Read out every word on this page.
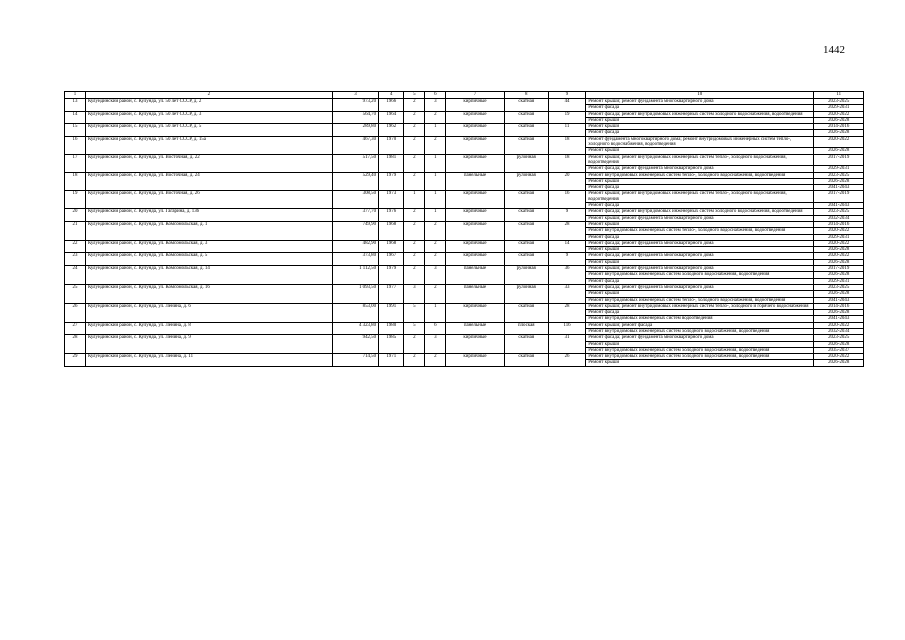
1442
1	2	3	4	5	6	7	8	9	10	11
13	Кулундинский район, с. Кулунда, ул. 50 лет СССР, д. 2	973,20	1966	2	3	кирпичные	скатная	44	Ремонт крыши; ремонт фундамента многоквартирного дома	2023-2025
									Ремонт фасада	2029-2031
14	Кулундинский район, с. Кулунда, ул. 50 лет СССР, д. 3	564,70	1964	2	2	кирпичные	скатная	19	Ремонт фасада; ремонт внутридомовых инженерных систем холодного водоснабжения, водоотведения	2020-2022
									Ремонт крыши	2026-2028
15	Кулундинский район, с. Кулунда, ул. 50 лет СССР, д. 5	289,80	1962	2	1	кирпичные	скатная	11	Ремонт крыши	2014-2016
									Ремонт фасада	2026-2028
16	Кулундинский район, с. Кулунда, ул. 50 лет СССР, д. 15а	467,30	1970	2	2	кирпичные	скатная	18	Ремонт фундамента многоквартирного дома; ремонт внутридомовых инженерных систем тепло-, холодного водоснабжения, водоотведения	2020-2022
									Ремонт крыши	2026-2028
17	Кулундинский район, с. Кулунда, ул. Восточная, д. 22	517,50	1981	2	1	кирпичные	рулонная	18	Ремонт крыши; ремонт внутридомовых инженерных систем тепло-, холодного водоснабжения, водоотведения	2017-2019
									Ремонт фасада; ремонт фундамента многоквартирного дома	2029-2031
18	Кулундинский район, с. Кулунда, ул. Восточная, д. 24	529,40	1979	2	1	панельные	рулонная	20	Ремонт внутридомовых инженерных систем тепло-, холодного водоснабжения, водоотведения	2023-2025
									Ремонт крыши	2026-2028
									Ремонт фасада	2041-2043
19	Кулундинский район, с. Кулунда, ул. Восточная, д. 26	308,50	1973	1	1	кирпичные	скатная	16	Ремонт крыши; ремонт внутридомовых инженерных систем тепло-, холодного водоснабжения, водоотведения	2017-2019
									Ремонт фасада	2041-2043
20	Кулундинский район, с. Кулунда, ул. Гагарина, д. 136	377,70	1976	2	1	кирпичные	скатная	9	Ремонт фасада; ремонт внутридомовых инженерных систем холодного водоснабжения, водоотведения	2023-2025
									Ремонт крыши; ремонт фундамента многоквартирного дома	2032-2034
21	Кулундинский район, с. Кулунда, ул. Комсомольская, д. 1	749,90	1968	2	2	кирпичные	скатная	28	Ремонт крыши	2014-2016
									Ремонт внутридомовых инженерных систем тепло-, холодного водоснабжения, водоотведения	2020-2022
									Ремонт фасада	2029-2031
22	Кулундинский район, с. Кулунда, ул. Комсомольская, д. 3	482,90	1968	2	2	кирпичные	скатная	14	Ремонт фасада; ремонт фундамента многоквартирного дома	2020-2022
									Ремонт крыши	2026-2028
23	Кулундинский район, с. Кулунда, ул. Комсомольская, д. 5	373,80	1967	2	2	кирпичные	скатная	9	Ремонт фасада; ремонт фундамента многоквартирного дома	2020-2022
									Ремонт крыши	2026-2028
24	Кулундинский район, с. Кулунда, ул. Комсомольская, д. 14	1 112,50	1979	2	3	панельные	рулонная	36	Ремонт крыши; ремонт фундамента многоквартирного дома	2017-2019
									Ремонт внутридомовых инженерных систем холодного водоснабжения, водоотведения	2026-2028
									Ремонт фасада	2029-2031
25	Кулундинский район, с. Кулунда, ул. Комсомольская, д. 16	1 093,50	1977	3	2	панельные	рулонная	33	Ремонт фасада; ремонт фундамента многоквартирного дома	2023-2025
									Ремонт крыши	2026-2028
									Ремонт внутридомовых инженерных систем тепло-, холодного водоснабжения, водоотведения	2041-2043
26	Кулундинский район, с. Кулунда, ул. Ленина, д. 6	853,00	1991	5	1	кирпичные	скатная	28	Ремонт крыши; ремонт внутридомовых инженерных систем тепло-, холодного и горячего водоснабжения	2014-2016
									Ремонт фасада	2026-2028
									Ремонт внутридомовых инженерных систем водоотведения	2041-2043
27	Кулундинский район, с. Кулунда, ул. Ленина, д. 8	4 323,80	1980	5	6	панельные	плоская	116	Ремонт крыши; ремонт фасада	2020-2022
									Ремонт внутридомовых инженерных систем холодного водоснабжения, водоотведения	2032-2034
28	Кулундинский район, с. Кулунда, ул. Ленина, д. 9	942,50	1985	2	3	кирпичные	скатная	31	Ремонт фасада; ремонт фундамента многоквартирного дома	2023-2025
									Ремонт крыши	2026-2028
									Ремонт внутридомовых инженерных систем холодного водоснабжения, водоотведения	2035-2037
29	Кулундинский район, с. Кулунда, ул. Ленина, д. 11	714,50	1971	2	2	кирпичные	скатная	26	Ремонт внутридомовых инженерных систем холодного водоснабжения, водоотведения	2020-2022
									Ремонт крыши	2026-2028
